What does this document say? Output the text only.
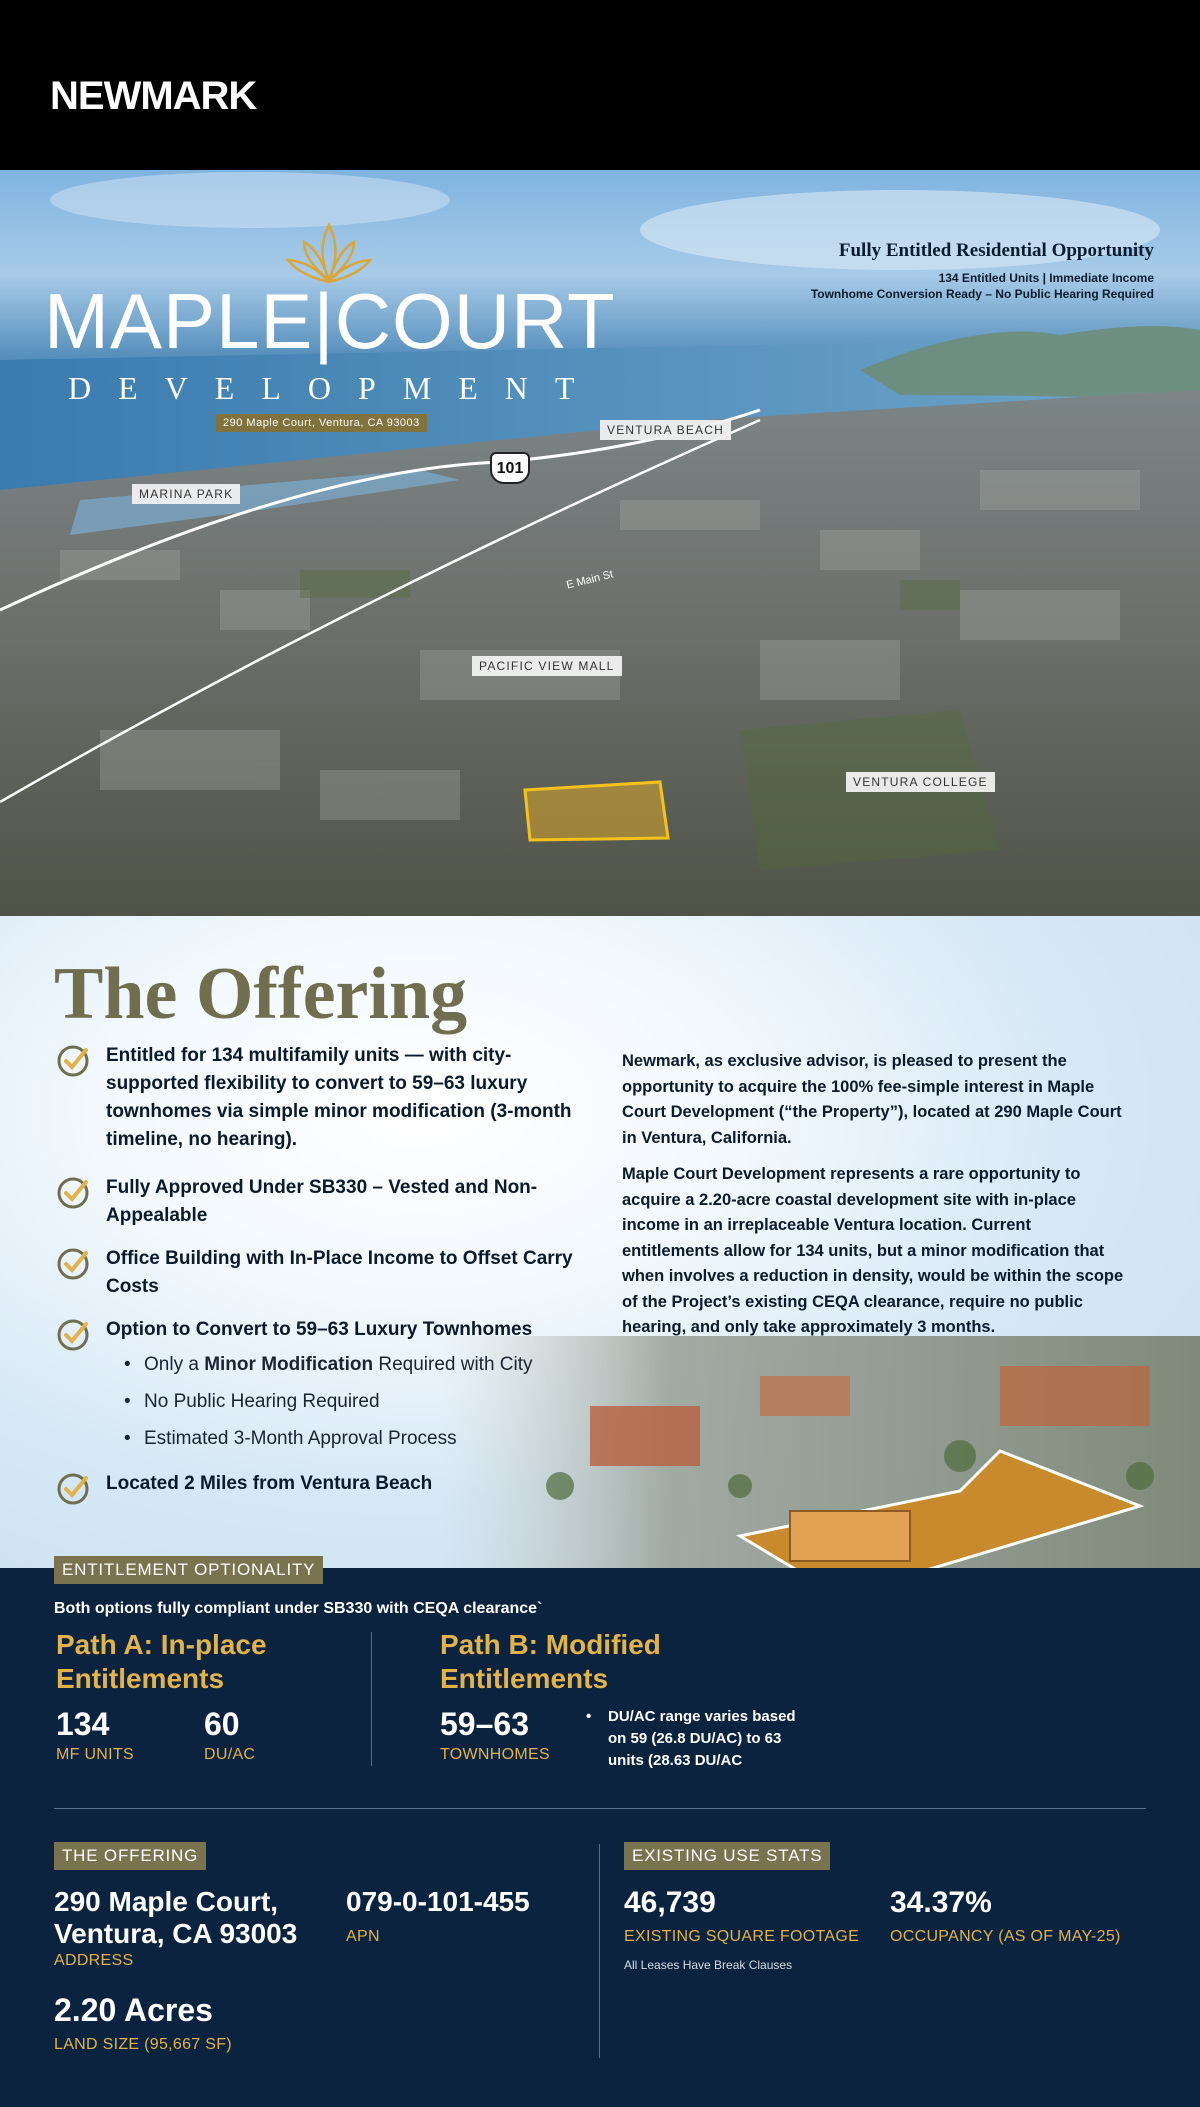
NEWMARK
MAPLE|COURT
DEVELOPMENT
290 Maple Court, Ventura, CA 93003
Fully Entitled Residential Opportunity
134 Entitled Units | Immediate Income
Townhome Conversion Ready – No Public Hearing Required
VENTURA BEACH
MARINA PARK
PACIFIC VIEW MALL
VENTURA COLLEGE
101
E Main St
The Offering
Entitled for 134 multifamily units — with city-supported flexibility to convert to 59–63 luxury townhomes via simple minor modification (3-month timeline, no hearing).
Fully Approved Under SB330 – Vested and Non-Appealable
Office Building with In-Place Income to Offset Carry Costs
Option to Convert to 59–63 Luxury Townhomes
• Only a Minor Modification Required with City
• No Public Hearing Required
• Estimated 3-Month Approval Process
Located 2 Miles from Ventura Beach
Newmark, as exclusive advisor, is pleased to present the opportunity to acquire the 100% fee-simple interest in Maple Court Development (“the Property”), located at 290 Maple Court in Ventura, California.
Maple Court Development represents a rare opportunity to acquire a 2.20-acre coastal development site with in-place income in an irreplaceable Ventura location. Current entitlements allow for 134 units, but a minor modification that when involves a reduction in density, would be within the scope of the Project’s existing CEQA clearance, require no public hearing, and only take approximately 3 months.
ENTITLEMENT OPTIONALITY
Both options fully compliant under SB330 with CEQA clearance`
Path A: In-place
Entitlements
134
MF UNITS
60
DU/AC
Path B: Modified
Entitlements
59–63
TOWNHOMES
• DU/AC range varies based on 59 (26.8 DU/AC) to 63 units (28.63 DU/AC
THE OFFERING
290 Maple Court,
Ventura, CA 93003
ADDRESS
079-0-101-455
APN
2.20 Acres
LAND SIZE (95,667 SF)
EXISTING USE STATS
46,739
EXISTING SQUARE FOOTAGE
All Leases Have Break Clauses
34.37%
OCCUPANCY (AS OF MAY-25)
